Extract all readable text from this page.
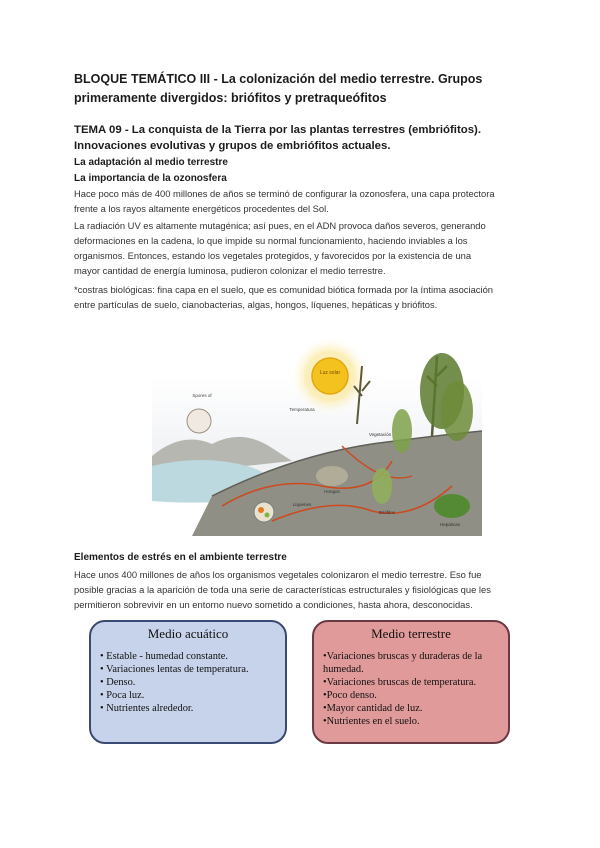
BLOQUE TEMÁTICO III - La colonización del medio terrestre. Grupos
primeramente divergidos: briófitos y pretraqueófitos
TEMA 09 - La conquista de la Tierra por las plantas terrestres (embriófitos).
Innovaciones evolutivas y grupos de embriófitos actuales.
La adaptación al medio terrestre
La importancia de la ozonosfera

Hace poco más de 400 millones de años se terminó de configurar la ozonosfera, una capa protectora
frente a los rayos altamente energéticos procedentes del Sol.

La radiación UV es altamente mutagénica; así pues, en el ADN provoca daños severos, generando
deformaciones en la cadena, lo que impide su normal funcionamiento, haciendo inviables a los
organismos. Entonces, estando los vegetales protegidos, y favorecidos por la existencia de una
mayor cantidad de energía luminosa, pudieron colonizar el medio terrestre.

*costras biológicas: fina capa en el suelo, que es comunidad biótica formada por la íntima asociación
entre partículas de suelo, cianobacterias, algas, hongos, líquenes, hepáticas y briófitos.

Luz solar
Spores of
Temperatura
Vegetación
Hongos
Líquenes
Briófitos
Hepáticas
Elementos de estrés en el ambiente terrestre

Hace unos 400 millones de años los organismos vegetales colonizaron el medio terrestre. Eso fue
posible gracias a la aparición de toda una serie de características estructurales y fisiológicas que les
permitieron sobrevivir en un entorno nuevo sometido a condiciones, hasta ahora, desconocidas.

Medio acuático
• Estable - humedad constante.
• Variaciones lentas de temperatura.
• Denso.
• Poca luz.
• Nutrientes alrededor.
Medio terrestre
•Variaciones bruscas y duraderas de la humedad.
•Variaciones bruscas de temperatura.
•Poco denso.
•Mayor cantidad de luz.
•Nutrientes en el suelo.
